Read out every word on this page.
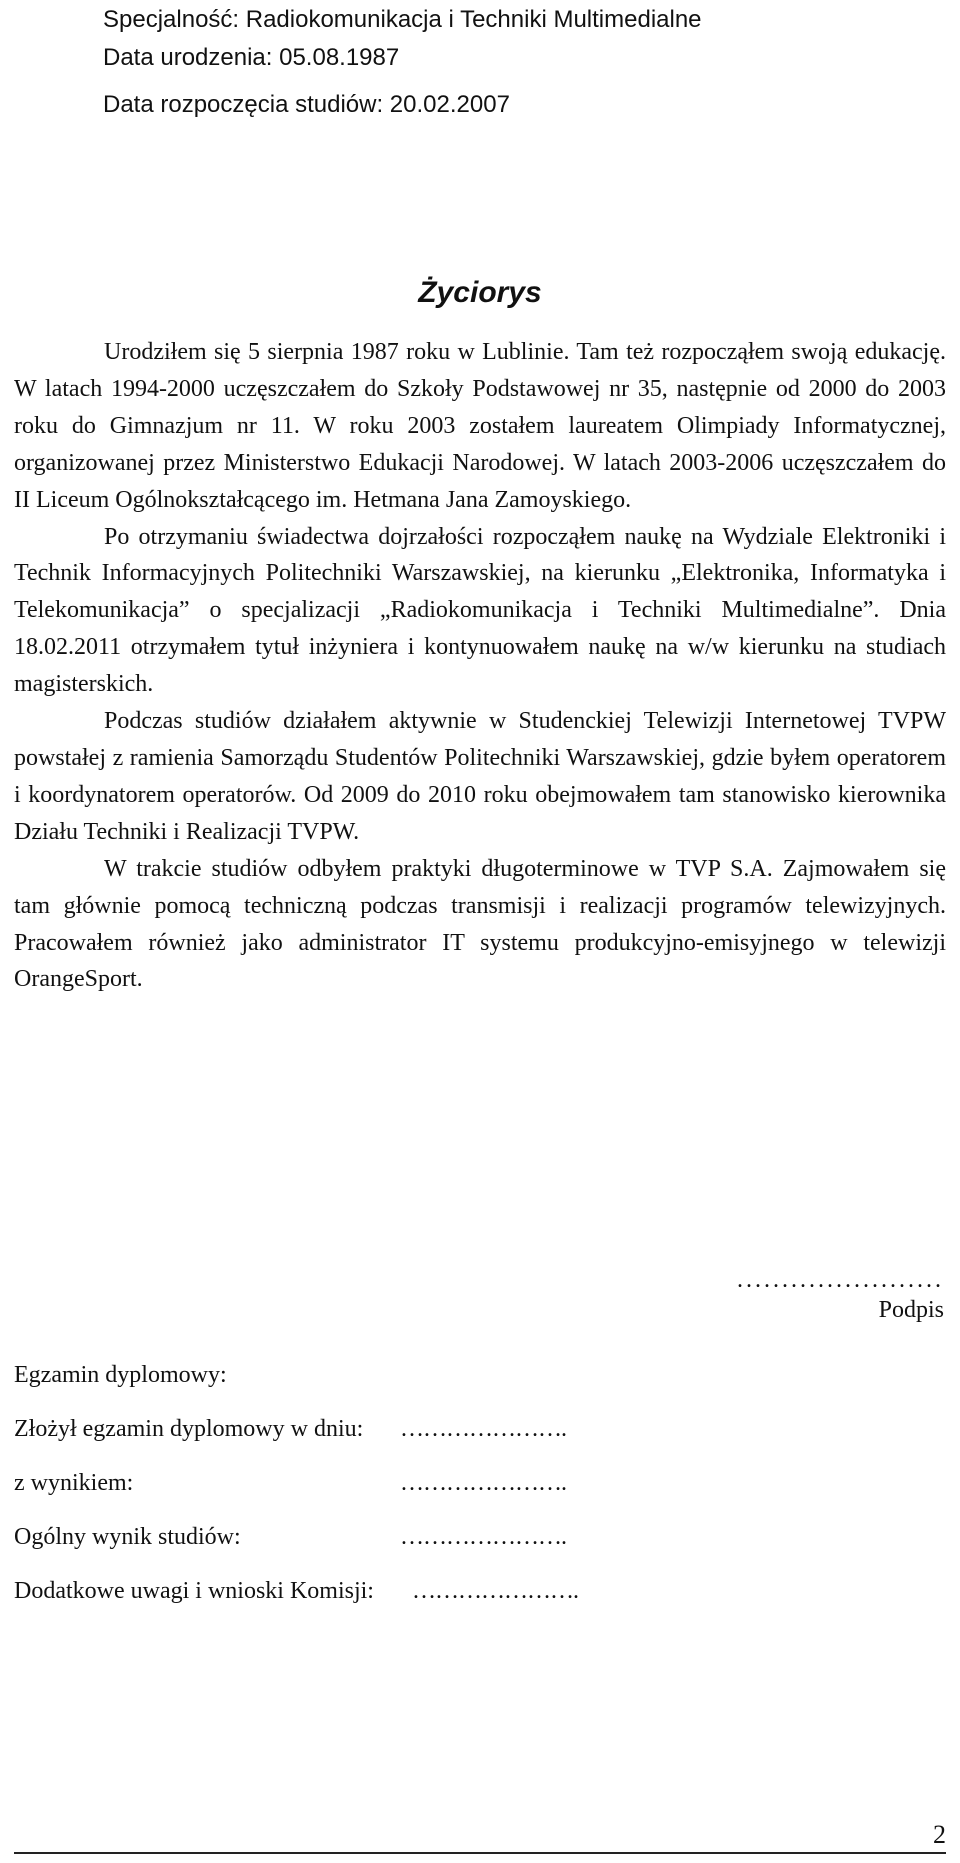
Specjalność: Radiokomunikacja i Techniki Multimedialne
Data urodzenia: 05.08.1987
Data rozpoczęcia studiów: 20.02.2007
Życiorys

Urodziłem się 5 sierpnia 1987 roku w Lublinie. Tam też rozpocząłem swoją edukację. W latach 1994-2000 uczęszczałem do Szkoły Podstawowej nr 35, następnie od 2000 do 2003 roku do Gimnazjum nr 11. W roku 2003 zostałem laureatem Olimpiady Informatycznej, organizowanej przez Ministerstwo Edukacji Narodowej. W latach 2003-2006 uczęszczałem do II Liceum Ogólnokształcącego im. Hetmana Jana Zamoyskiego.

Po otrzymaniu świadectwa dojrzałości rozpocząłem naukę na Wydziale Elektroniki i Technik Informacyjnych Politechniki Warszawskiej, na kierunku „Elektronika, Informatyka i Telekomunikacja” o specjalizacji „Radiokomunikacja i Techniki Multimedialne”. Dnia 18.02.2011 otrzymałem tytuł inżyniera i kontynuowałem naukę na w/w kierunku na studiach magisterskich.

Podczas studiów działałem aktywnie w Studenckiej Telewizji Internetowej TVPW powstałej z ramienia Samorządu Studentów Politechniki Warszawskiej, gdzie byłem operatorem i koordynatorem operatorów. Od 2009 do 2010 roku obejmowałem tam stanowisko kierownika Działu Techniki i Realizacji TVPW.

W trakcie studiów odbyłem praktyki długoterminowe w TVP S.A. Zajmowałem się tam głównie pomocą techniczną podczas transmisji i realizacji programów telewizyjnych. Pracowałem również jako administrator IT systemu produkcyjno-emisyjnego w telewizji OrangeSport.

.......................
Podpis
Egzamin dyplomowy:
Złożył egzamin dyplomowy w dniu: ………………….
z wynikiem:	………………….
Ogólny wynik studiów:	………………….
Dodatkowe uwagi i wnioski Komisji: ………………….
2
